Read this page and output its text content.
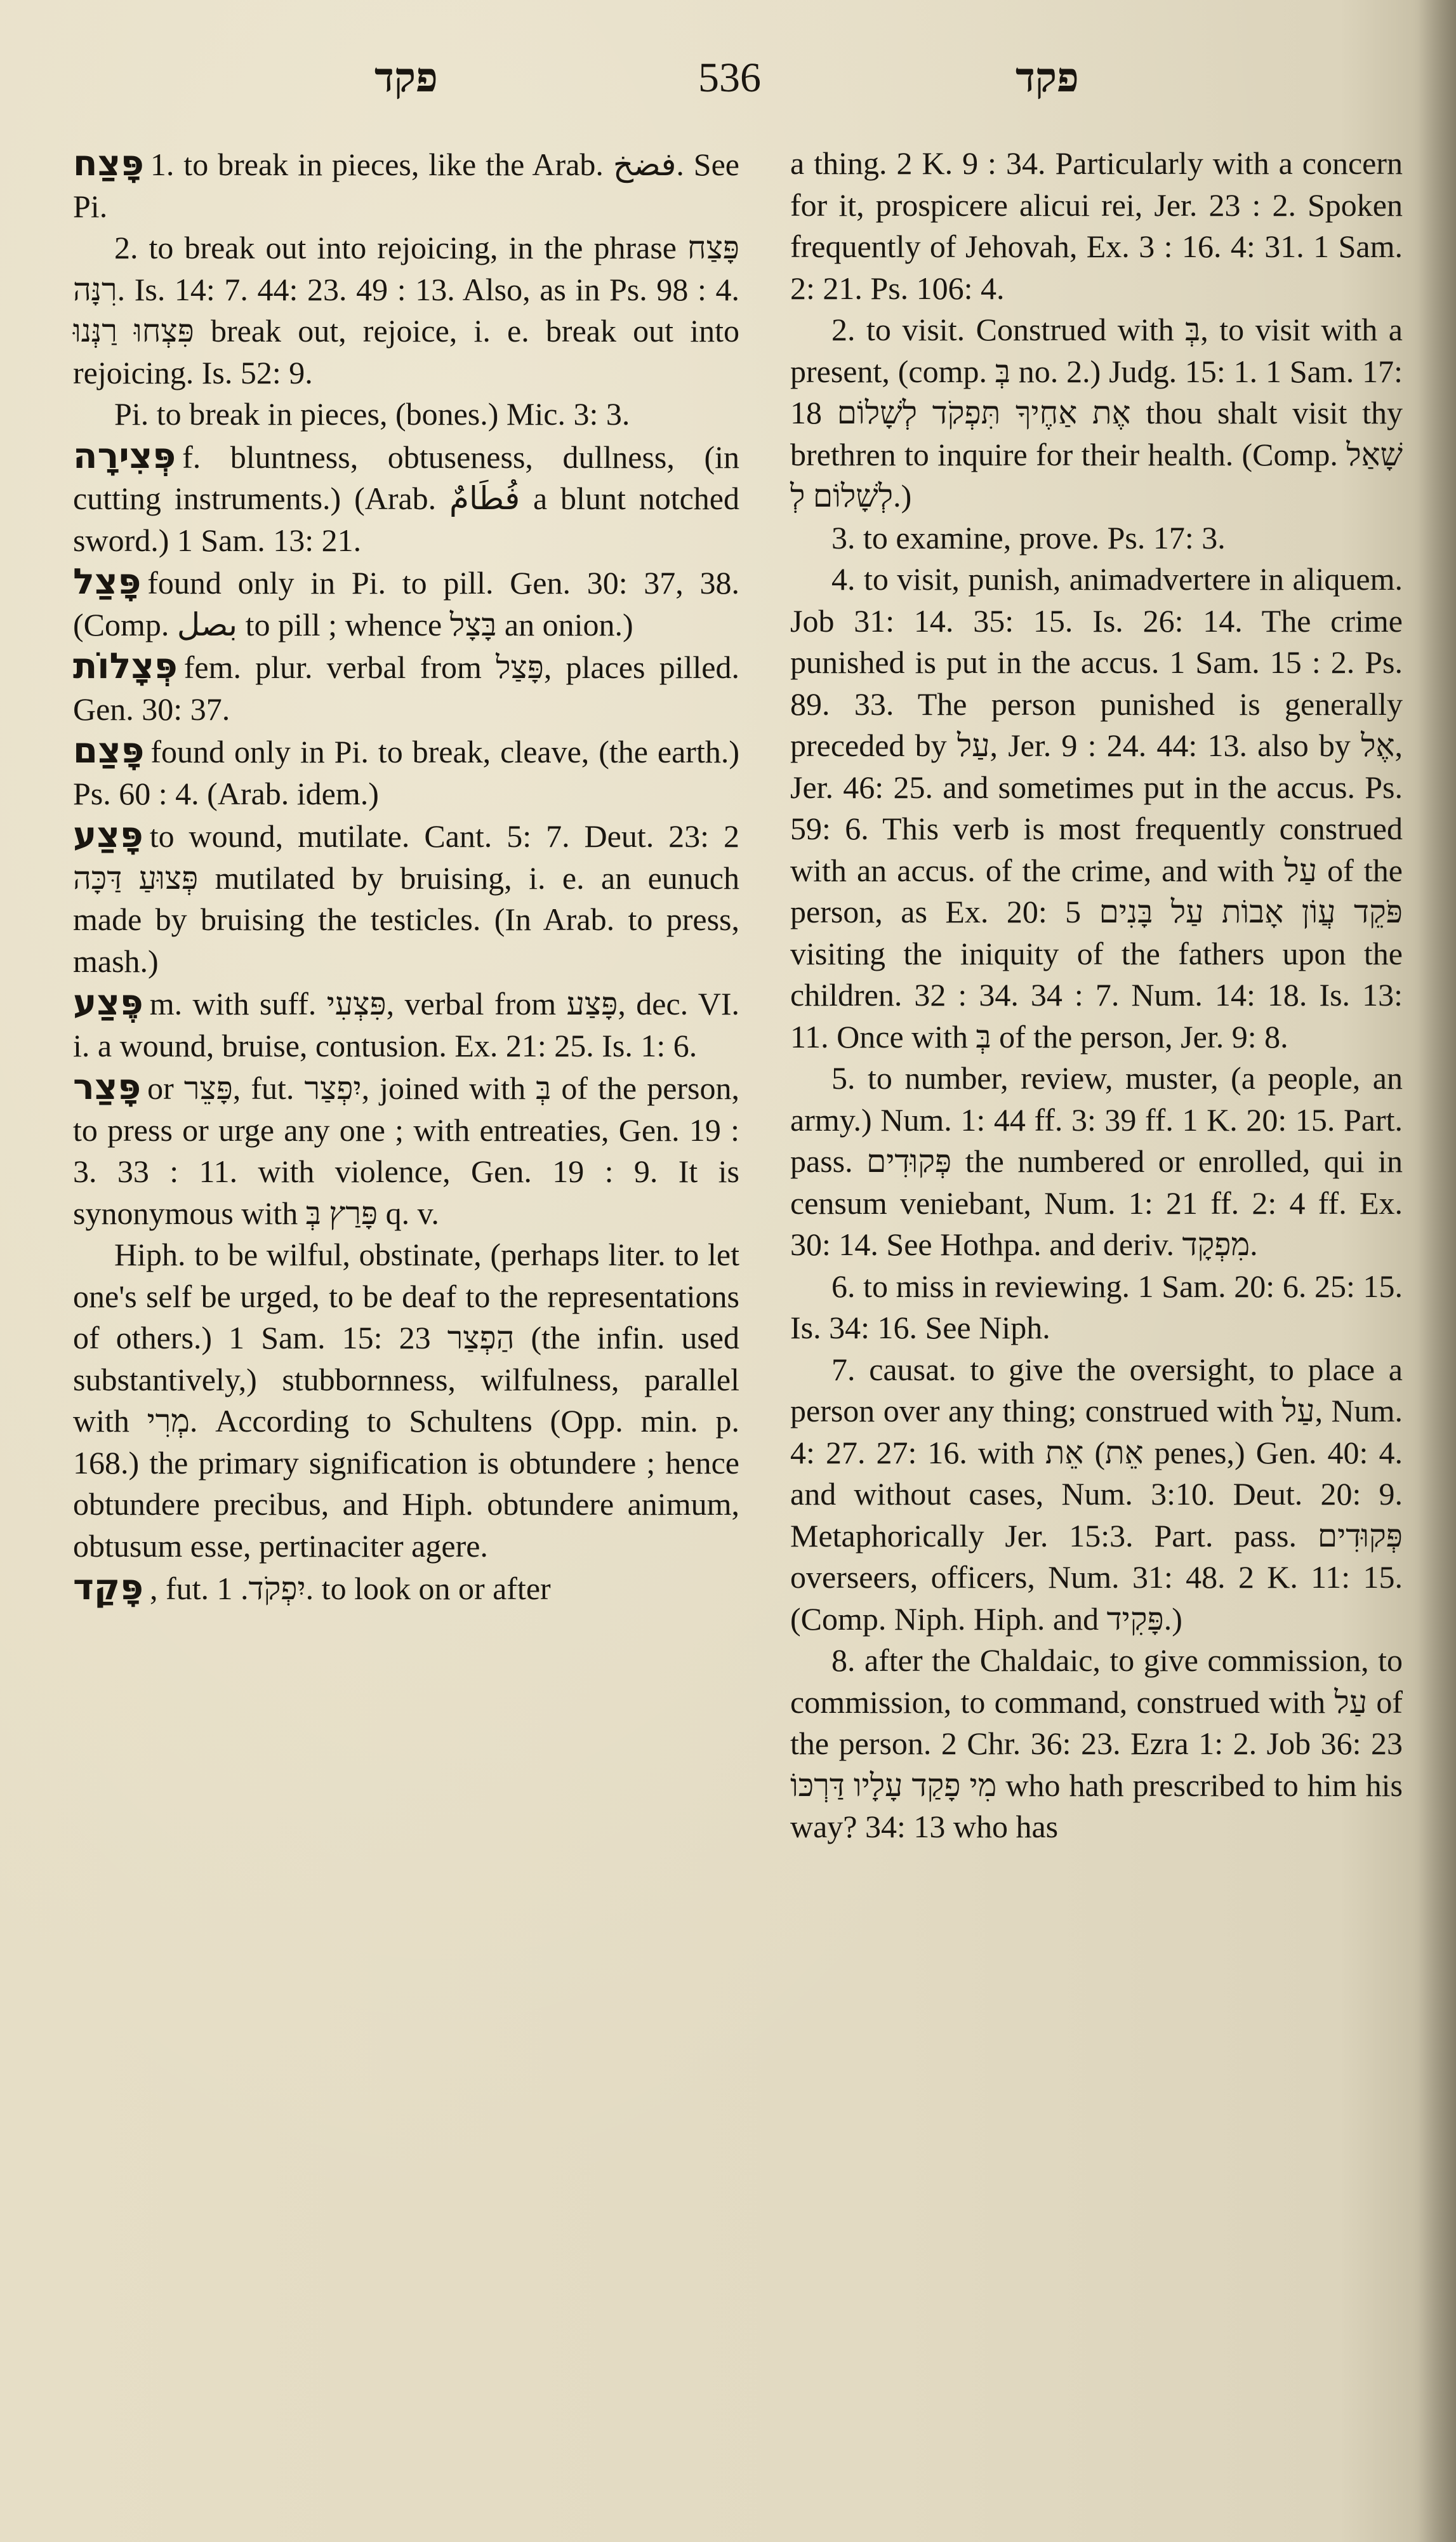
פקד	536	פקד

פָּצַח 1. to break in pieces, like the Arab. فضخ. See Pi.

2. to break out into rejoicing, in the phrase פָּצַח רִנָּה. Is. 14: 7. 44: 23. 49 : 13. Also, as in Ps. 98 : 4. פִּצְחוּ רַנְּנוּ break out, rejoice, i. e. break out into rejoicing. Is. 52: 9.

Pi. to break in pieces, (bones.) Mic. 3: 3.

פְּצִירָה f. bluntness, obtuseness, dullness, (in cutting instruments.) (Arab. فُطَامٌ a blunt notched sword.) 1 Sam. 13: 21.

פָּצַל found only in Pi. to pill. Gen. 30: 37, 38. (Comp. بصل to pill ; whence בָּצָל an onion.)

פְּצָלוֹת fem. plur. verbal from פָּצַל, places pilled. Gen. 30: 37.

פָּצַם found only in Pi. to break, cleave, (the earth.) Ps. 60 : 4. (Arab. idem.)

פָּצַע to wound, mutilate. Cant. 5: 7. Deut. 23: 2 פְּצוּעַ דַּכָּה mutilated by bruising, i. e. an eunuch made by bruising the testicles. (In Arab. to press, mash.)

פֶּצַע m. with suff. פִּצְעִי, verbal from פָּצַע, dec. VI. i. a wound, bruise, contusion. Ex. 21: 25. Is. 1: 6.

פָּצַר or פָּצֵר, fut. יִפְצַר, joined with בְּ of the person, to press or urge any one ; with entreaties, Gen. 19 : 3. 33 : 11. with violence, Gen. 19 : 9. It is synonymous with פָּרַץ בְּ q. v.

Hiph. to be wilful, obstinate, (perhaps liter. to let one's self be urged, to be deaf to the representations of others.) 1 Sam. 15: 23 הַפְצַר (the infin. used substantively,) stubbornness, wilfulness, parallel with מְרִי. According to Schultens (Opp. min. p. 168.) the primary signification is obtundere ; hence obtundere precibus, and Hiph. obtundere animum, obtusum esse, pertinaciter agere.

פָּקַד , fut. יִפְקֹד. 1. to look on or after

a thing. 2 K. 9 : 34. Particularly with a concern for it, prospicere alicui rei, Jer. 23 : 2. Spoken frequently of Jehovah, Ex. 3 : 16. 4: 31. 1 Sam. 2: 21. Ps. 106: 4.

2. to visit. Construed with בְּ, to visit with a present, (comp. בְּ no. 2.) Judg. 15: 1. 1 Sam. 17: 18 אֶת אַחֶיךָ תִּפְקֹד לְשָׁלוֹם thou shalt visit thy brethren to inquire for their health. (Comp. שָׁאַל לְשָׁלוֹם לְ.)

3. to examine, prove. Ps. 17: 3.

4. to visit, punish, animadvertere in aliquem. Job 31: 14. 35: 15. Is. 26: 14. The crime punished is put in the accus. 1 Sam. 15 : 2. Ps. 89. 33. The person punished is generally preceded by עַל, Jer. 9 : 24. 44: 13. also by אֶל, Jer. 46: 25. and sometimes put in the accus. Ps. 59: 6. This verb is most frequently construed with an accus. of the crime, and with עַל of the person, as Ex. 20: 5 פֹּקֵד עֲוֹן אָבוֹת עַל בָּנִים visiting the iniquity of the fathers upon the children. 32 : 34. 34 : 7. Num. 14: 18. Is. 13: 11. Once with בְּ of the person, Jer. 9: 8.

5. to number, review, muster, (a people, an army.) Num. 1: 44 ff. 3: 39 ff. 1 K. 20: 15. Part. pass. פְּקוּדִים the numbered or enrolled, qui in censum veniebant, Num. 1: 21 ff. 2: 4 ff. Ex. 30: 14. See Hothpa. and deriv. מִפְקָד.

6. to miss in reviewing. 1 Sam. 20: 6. 25: 15. Is. 34: 16. See Niph.

7. causat. to give the oversight, to place a person over any thing; construed with עַל, Num. 4: 27. 27: 16. with אֵת (אֵת penes,) Gen. 40: 4. and without cases, Num. 3:10. Deut. 20: 9. Metaphorically Jer. 15:3. Part. pass. פְּקוּדִים overseers, officers, Num. 31: 48. 2 K. 11: 15. (Comp. Niph. Hiph. and פָּקִיד.)

8. after the Chaldaic, to give commission, to commission, to command, construed with עַל of the person. 2 Chr. 36: 23. Ezra 1: 2. Job 36: 23 מִי פָקַד עָלָיו דַּרְכּוֹ who hath prescribed to him his way? 34: 13 who has
